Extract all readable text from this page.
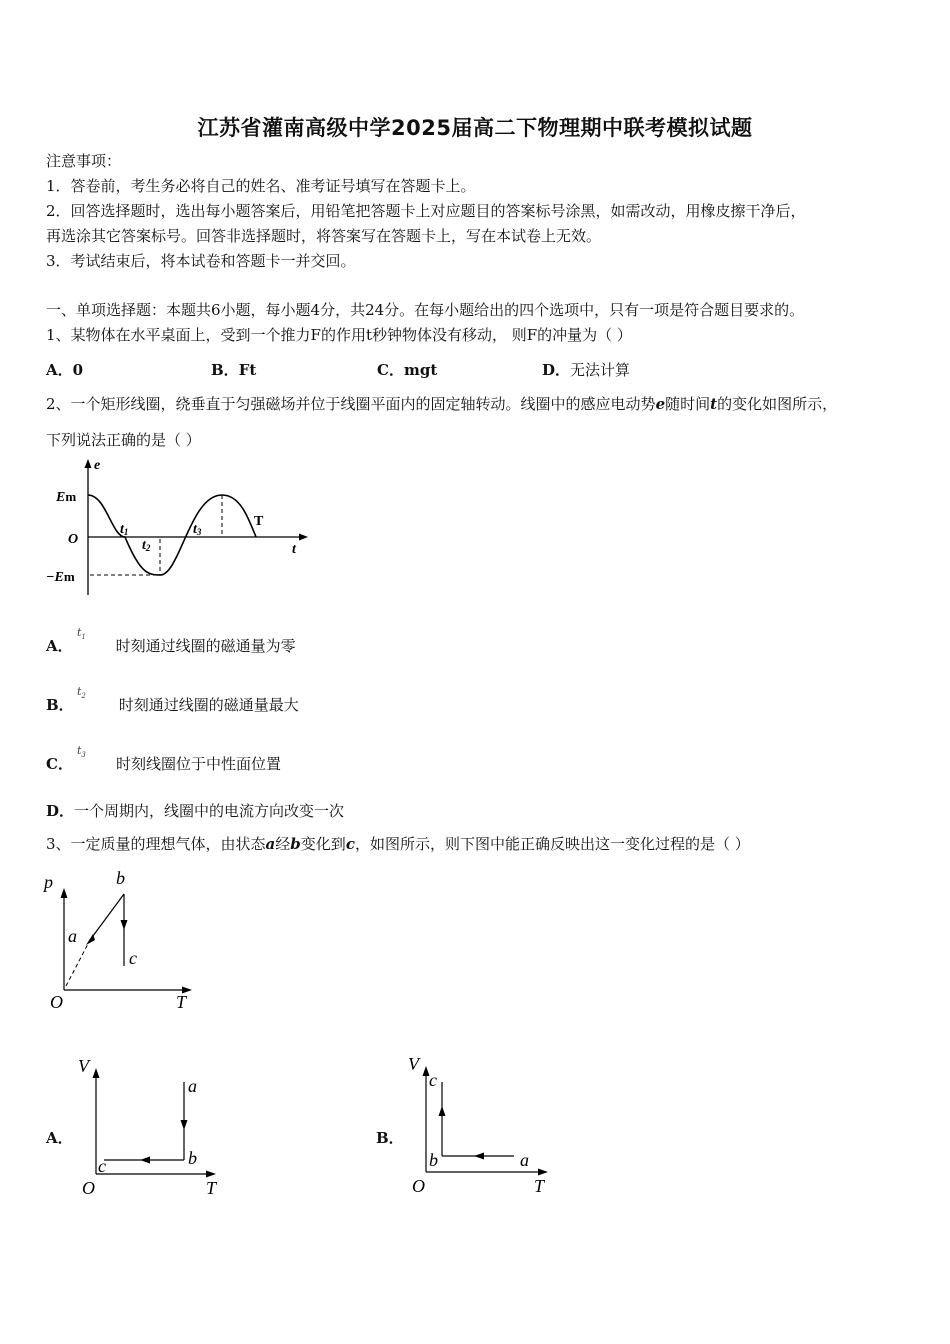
江苏省灌南高级中学2025届高二下物理期中联考模拟试题
注意事项：
1．答卷前，考生务必将自己的姓名、准考证号填写在答题卡上。
2．回答选择题时，选出每小题答案后，用铅笔把答题卡上对应题目的答案标号涂黑，如需改动，用橡皮擦干净后，
再选涂其它答案标号。回答非选择题时，将答案写在答题卡上，写在本试卷上无效。
3．考试结束后，将本试卷和答题卡一并交回。
一、单项选择题：本题共6小题，每小题4分，共24分。在每小题给出的四个选项中，只有一项是符合题目要求的。
1、某物体在水平桌面上，受到一个推力F的作用t秒钟物体没有移动， 则F的冲量为（ ）
A．0	B．Ft	C．mgt	D．无法计算
2、一个矩形线圈，绕垂直于匀强磁场并位于线圈平面内的固定轴转动。线圈中的感应电动势e随时间t的变化如图所示，
下列说法正确的是（ ）
e
t
O
Em
−Em
t1
t2
t3
T
A．	时刻通过线圈的磁通量为零
$t_1$
B．	时刻通过线圈的磁通量最大
$t_2$
C．	时刻线圈位于中性面位置
$t_3$
D．一个周期内，线圈中的电流方向改变一次
3、一定质量的理想气体，由状态a经b变化到c，如图所示，则下图中能正确反映出这一变化过程的是（ ）
p
T
O
a
b
c
A．
V
T
O
a
b
c
B．
V
T
O
a
b
c
